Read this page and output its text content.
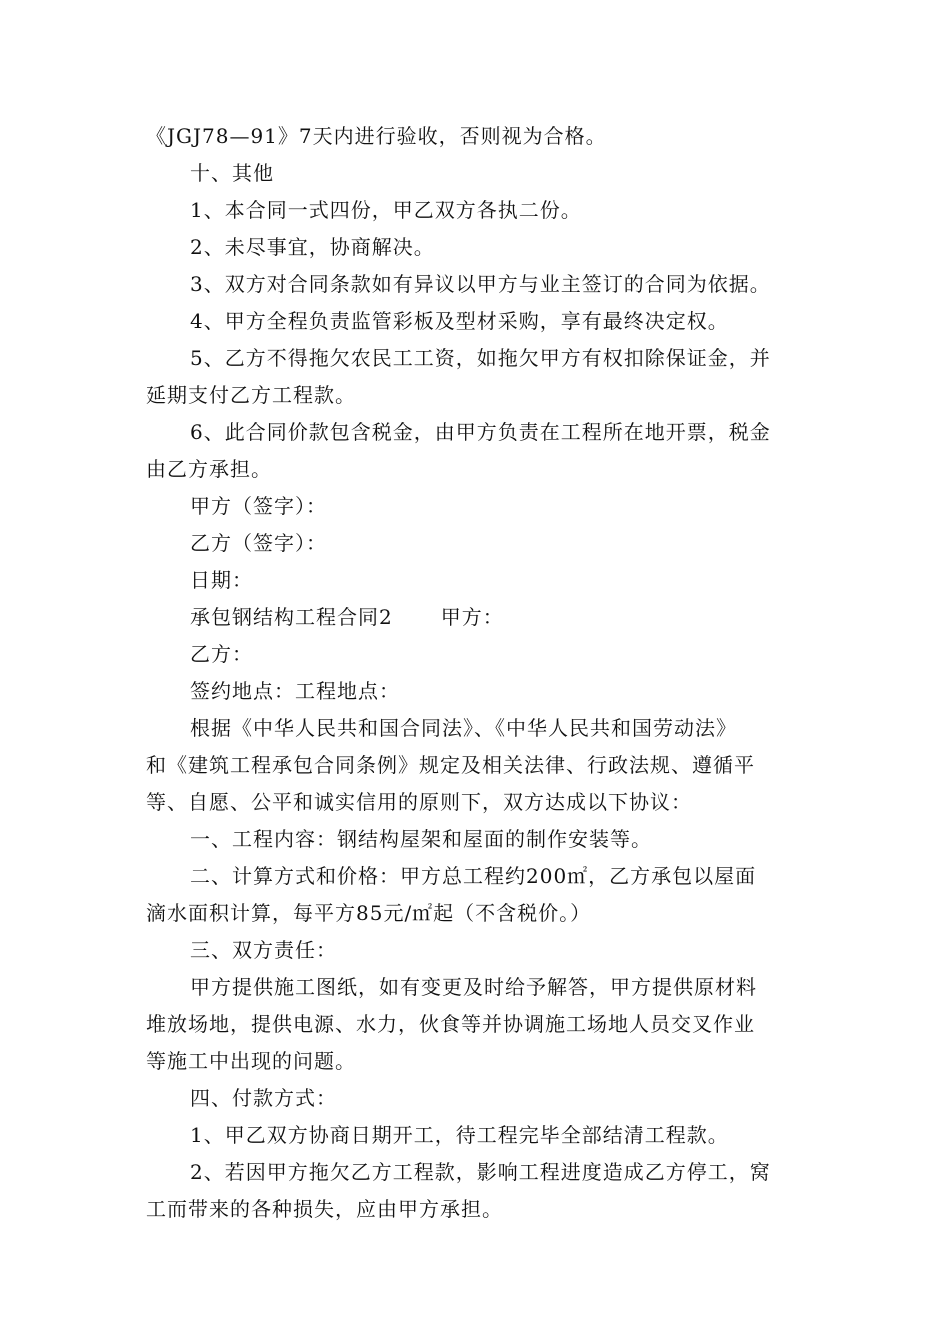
《JGJ78—91》7天内进行验收，否则视为合格。

十、其他

1、本合同一式四份，甲乙双方各执二份。

2、未尽事宜，协商解决。

3、双方对合同条款如有异议以甲方与业主签订的合同为依据。

4、甲方全程负责监管彩板及型材采购，享有最终决定权。

5、乙方不得拖欠农民工工资，如拖欠甲方有权扣除保证金，并

延期支付乙方工程款。

6、此合同价款包含税金，由甲方负责在工程所在地开票，税金

由乙方承担。

甲方（签字）：

乙方（签字）：

日期：

承包钢结构工程合同2 甲方：

乙方：

签约地点：工程地点：

根据《中华人民共和国合同法》、《中华人民共和国劳动法》

和《建筑工程承包合同条例》规定及相关法律、行政法规、遵循平

等、自愿、公平和诚实信用的原则下，双方达成以下协议：

一、工程内容：钢结构屋架和屋面的制作安装等。

二、计算方式和价格：甲方总工程约200㎡，乙方承包以屋面

滴水面积计算，每平方85元/㎡起（不含税价。）

三、双方责任：

甲方提供施工图纸，如有变更及时给予解答，甲方提供原材料

堆放场地，提供电源、水力，伙食等并协调施工场地人员交叉作业

等施工中出现的问题。

四、付款方式：

1、甲乙双方协商日期开工，待工程完毕全部结清工程款。

2、若因甲方拖欠乙方工程款，影响工程进度造成乙方停工，窝

工而带来的各种损失，应由甲方承担。
